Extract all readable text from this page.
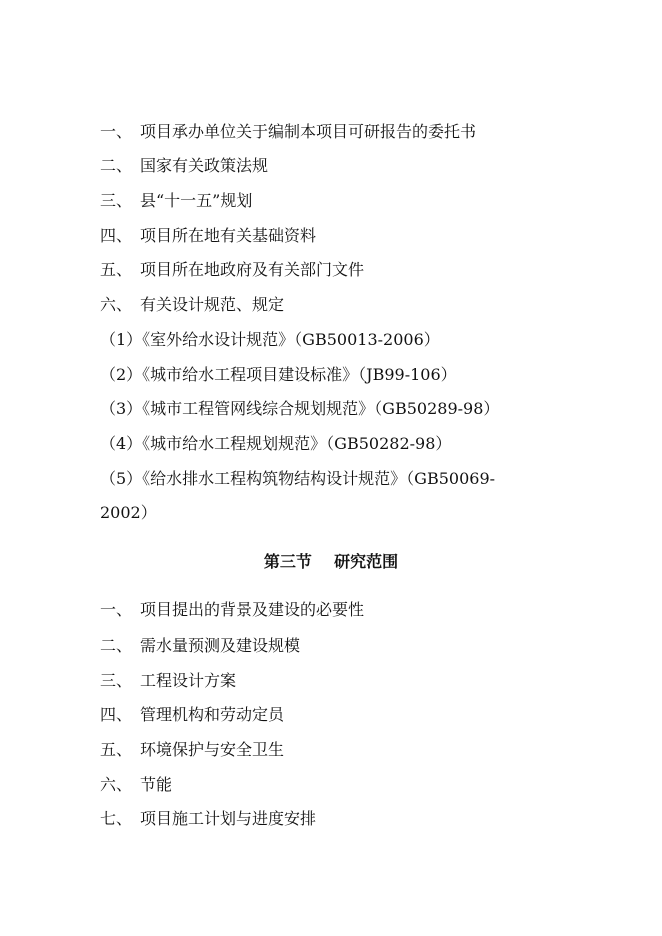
一、 项目承办单位关于编制本项目可研报告的委托书
二、 国家有关政策法规
三、 县“十一五”规划
四、 项目所在地有关基础资料
五、 项目所在地政府及有关部门文件
六、 有关设计规范、规定
（1）《室外给水设计规范》（GB50013-2006）
（2）《城市给水工程项目建设标准》（JB99-106）
（3）《城市工程管网线综合规划规范》（GB50289-98）
（4）《城市给水工程规划规范》（GB50282-98）
（5）《给水排水工程构筑物结构设计规范》（GB50069-
2002）
第三节    研究范围
一、 项目提出的背景及建设的必要性
二、 需水量预测及建设规模
三、 工程设计方案
四、 管理机构和劳动定员
五、 环境保护与安全卫生
六、 节能
七、 项目施工计划与进度安排
